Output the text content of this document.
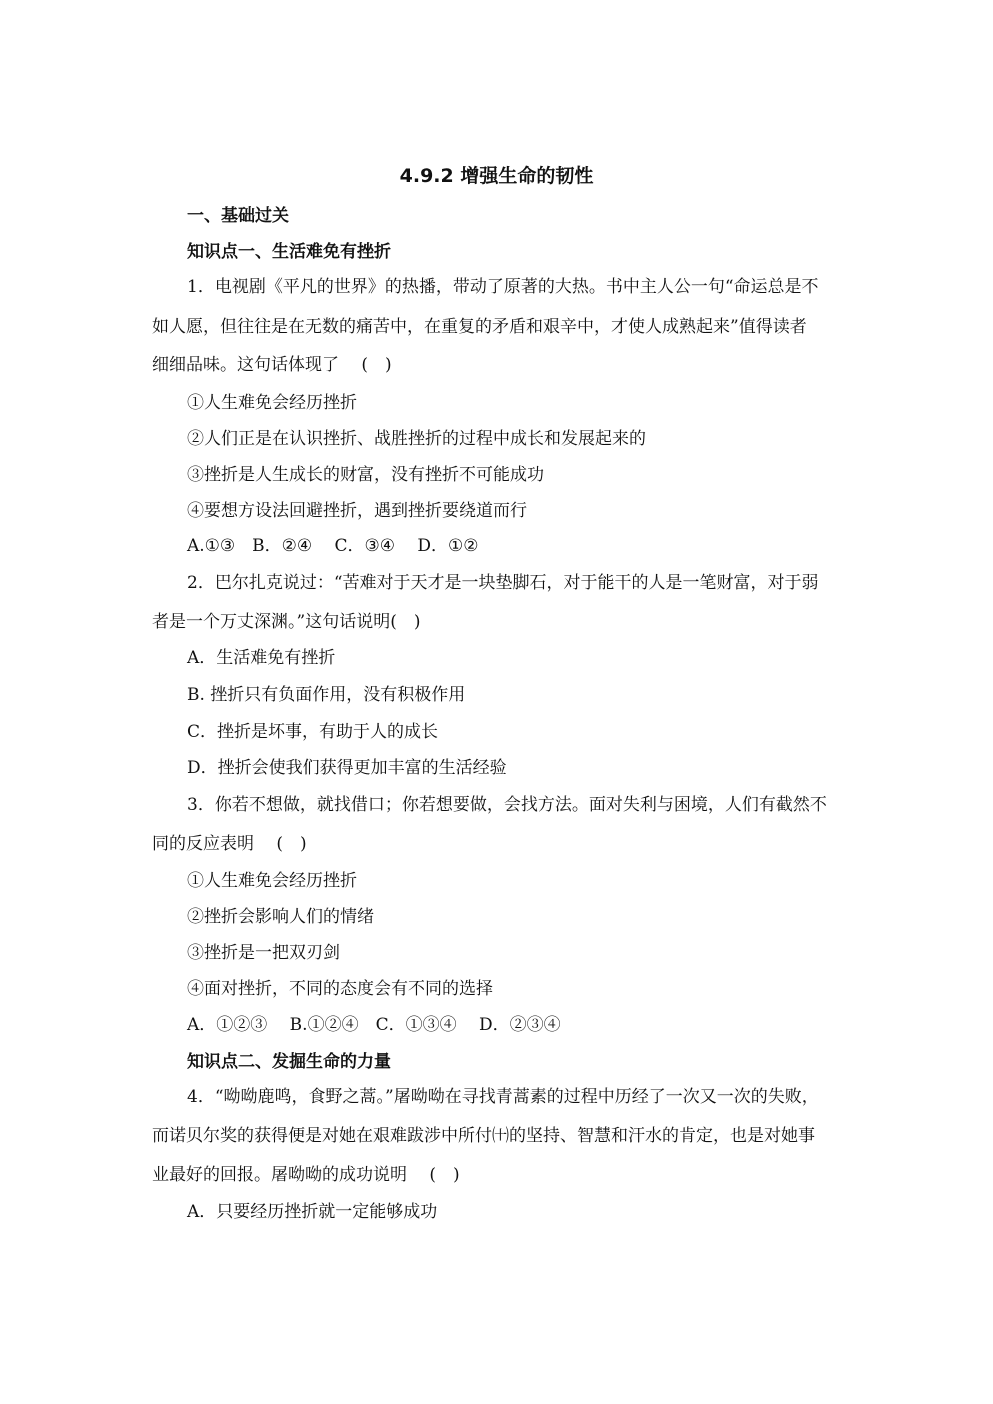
4.9.2 增强生命的韧性
一、基础过关
知识点一、生活难免有挫折
1．电视剧《平凡的世界》的热播，带动了原著的大热。书中主人公一句“命运总是不
如人愿，但往往是在无数的痛苦中，在重复的矛盾和艰辛中，才使人成熟起来”值得读者
细细品味。这句话体现了　 (　)
①人生难免会经历挫折
②人们正是在认识挫折、战胜挫折的过程中成长和发展起来的
③挫折是人生成长的财富，没有挫折不可能成功
④要想方设法回避挫折，遇到挫折要绕道而行
A.①③　B．②④　 C．③④　 D．①②
2．巴尔扎克说过：“苦难对于天才是一块垫脚石，对于能干的人是一笔财富，对于弱
者是一个万丈深渊。”这句话说明(　)
A．生活难免有挫折
B. 挫折只有负面作用，没有积极作用
C．挫折是坏事，有助于人的成长
D．挫折会使我们获得更加丰富的生活经验
3．你若不想做，就找借口；你若想要做，会找方法。面对失利与困境，人们有截然不
同的反应表明　 (　)
①人生难免会经历挫折
②挫折会影响人们的情绪
③挫折是一把双刃剑
④面对挫折，不同的态度会有不同的选择
A．①②③　 B.①②④　C．①③④　 D．②③④
知识点二、发掘生命的力量
4．“呦呦鹿鸣，食野之蒿。”屠呦呦在寻找青蒿素的过程中历经了一次又一次的失败，
而诺贝尔奖的获得便是对她在艰难跋涉中所付㈩的坚持、智慧和汗水的肯定，也是对她事
业最好的回报。屠呦呦的成功说明　 (　)
A．只要经历挫折就一定能够成功
